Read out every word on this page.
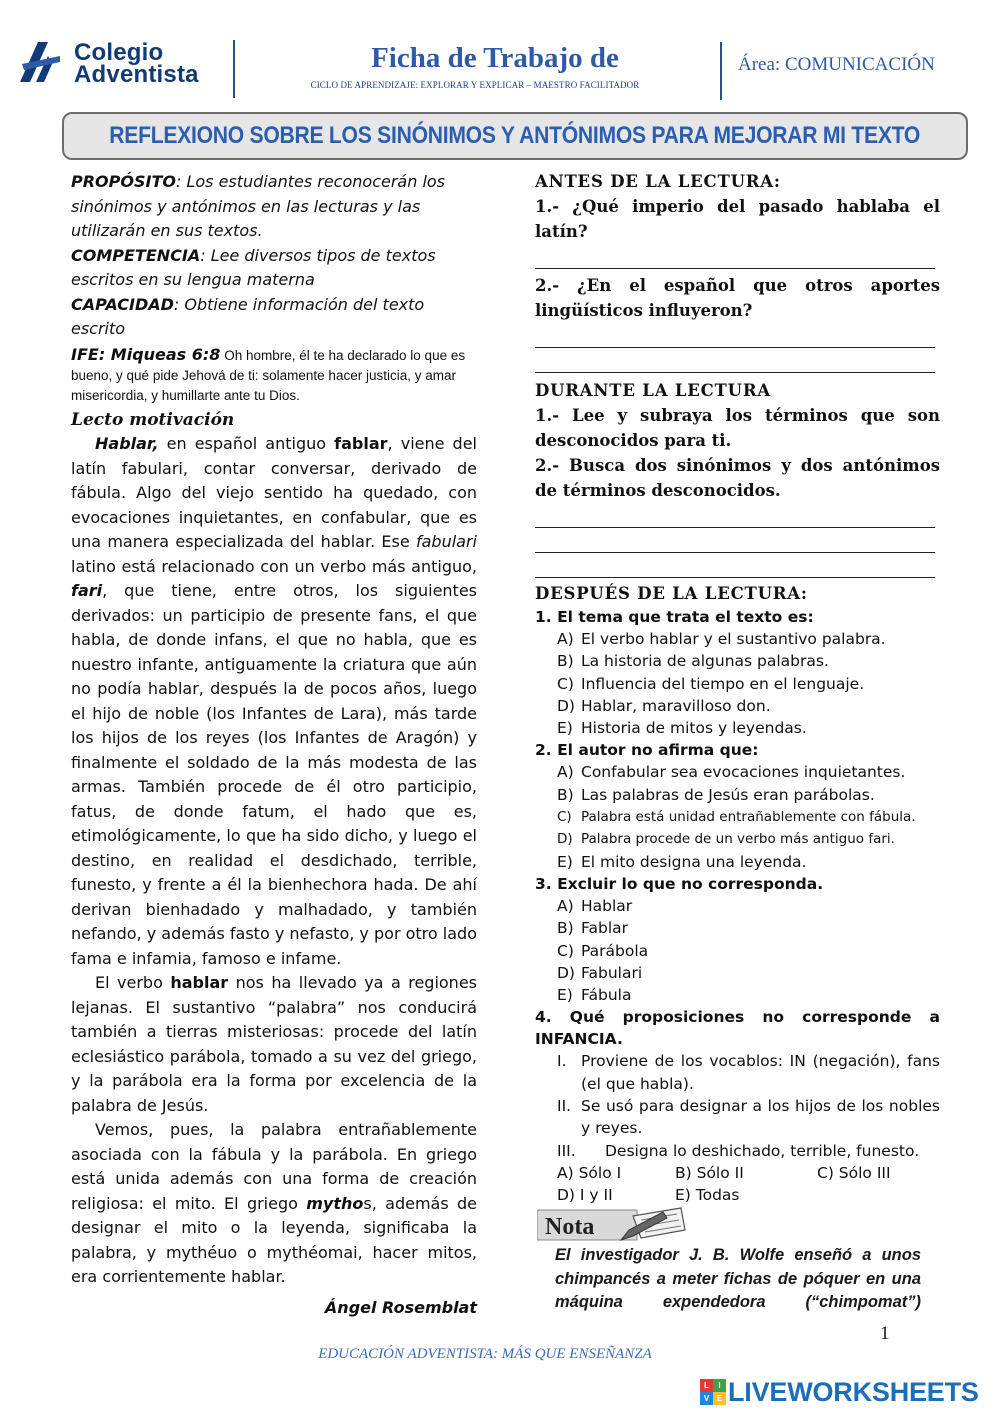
Colegio
Adventista
Ficha de Trabajo de
CICLO DE APRENDIZAJE: EXPLORAR Y EXPLICAR – MAESTRO FACILITADOR
Área: COMUNICACIÓN
REFLEXIONO SOBRE LOS SINÓNIMOS Y ANTÓNIMOS PARA MEJORAR MI TEXTO

PROPÓSITO: Los estudiantes reconocerán los sinónimos y antónimos en las lecturas y las utilizarán en sus textos.

COMPETENCIA: Lee diversos tipos de textos escritos en su lengua materna

CAPACIDAD: Obtiene información del texto escrito

IFE: Miqueas 6:8 Oh hombre, él te ha declarado lo que es bueno, y qué pide Jehová de ti: solamente hacer justicia, y amar misericordia, y humillarte ante tu Dios.

Lecto motivación

Hablar, en español antiguo fablar, viene del latín fabulari, contar conversar, derivado de fábula. Algo del viejo sentido ha quedado, con evocaciones inquietantes, en confabular, que es una manera especializada del hablar. Ese fabulari latino está relacionado con un verbo más antiguo, fari, que tiene, entre otros, los siguientes derivados: un participio de presente fans, el que habla, de donde infans, el que no habla, que es nuestro infante, antiguamente la criatura que aún no podía hablar, después la de pocos años, luego el hijo de noble (los Infantes de Lara), más tarde los hijos de los reyes (los Infantes de Aragón) y finalmente el soldado de la más modesta de las armas. También procede de él otro participio, fatus, de donde fatum, el hado que es, etimológicamente, lo que ha sido dicho, y luego el destino, en realidad el desdichado, terrible, funesto, y frente a él la bienhechora hada. De ahí derivan bienhadado y malhadado, y también nefando, y además fasto y nefasto, y por otro lado fama e infamia, famoso e infame.

El verbo hablar nos ha llevado ya a regiones lejanas. El sustantivo “palabra” nos conducirá también a tierras misteriosas: procede del latín eclesiástico parábola, tomado a su vez del griego, y la parábola era la forma por excelencia de la palabra de Jesús.

Vemos, pues, la palabra entrañablemente asociada con la fábula y la parábola. En griego está unida además con una forma de creación religiosa: el mito. El griego mythos, además de designar el mito o la leyenda, significaba la palabra, y mythéuo o mythéomai, hacer mitos, era corrientemente hablar.

Ángel Rosemblat

ANTES DE LA LECTURA:
1.- ¿Qué imperio del pasado hablaba el latín?
2.- ¿En el español que otros aportes lingüísticos influyeron?
DURANTE LA LECTURA
1.- Lee y subraya los términos que son desconocidos para ti.
2.- Busca dos sinónimos y dos antónimos de términos desconocidos.
DESPUÉS DE LA LECTURA:
1. El tema que trata el texto es:
A) El verbo hablar y el sustantivo palabra.
B) La historia de algunas palabras.
C) Influencia del tiempo en el lenguaje.
D) Hablar, maravilloso don.
E) Historia de mitos y leyendas.
2. El autor no afirma que:
A) Confabular sea evocaciones inquietantes.
B) Las palabras de Jesús eran parábolas.
C) Palabra está unidad entrañablemente con fábula.
D) Palabra procede de un verbo más antiguo fari.
E) El mito designa una leyenda.
3. Excluir lo que no corresponda.
A) Hablar
B) Fablar
C) Parábola
D) Fabulari
E) Fábula
4. Qué proposiciones no corresponde a INFANCIA.
I. Proviene de los vocablos: IN (negación), fans (el que habla).
II. Se usó para designar a los hijos de los nobles y reyes.
III.	Designa lo deshichado, terrible, funesto.
A) Sólo I	B) Sólo II	C) Sólo III
D) I y II	E) Todas
Nota
El investigador J. B. Wolfe enseñó a unos chimpancés a meter fichas de póquer en una máquina expendedora (“chimpomat”)
1
EDUCACIÓN ADVENTISTA: MÁS QUE ENSEÑANZA
L	I
V E LIVEWORKSHEETS
